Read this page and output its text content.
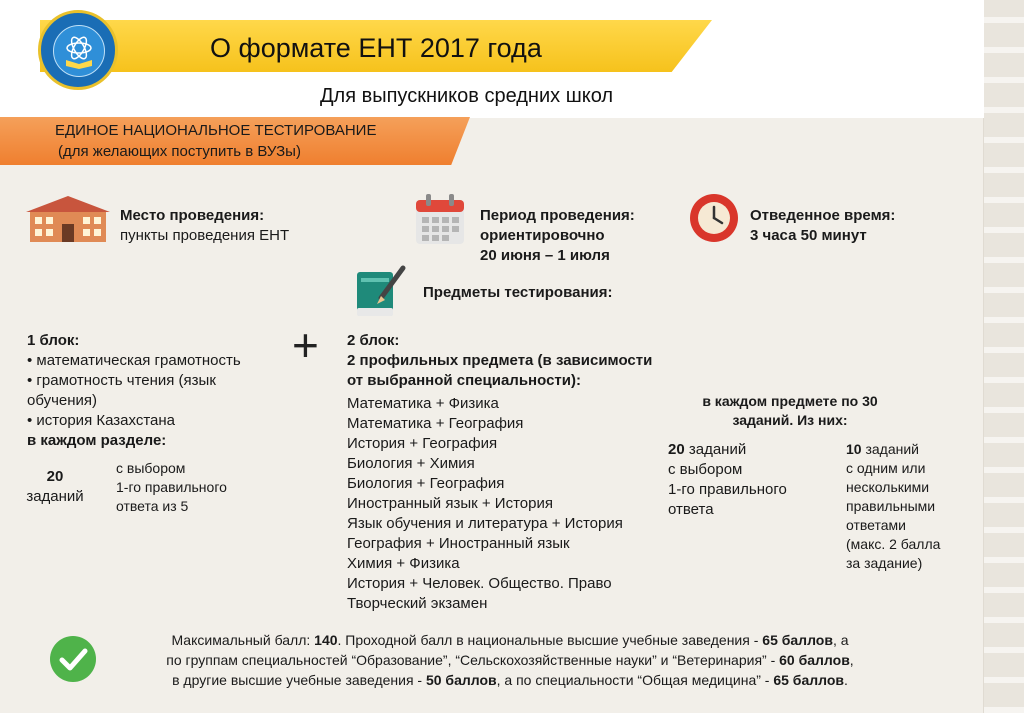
О формате ЕНТ 2017 года
Для выпускников средних школ
ЕДИНОЕ НАЦИОНАЛЬНОЕ ТЕСТИРОВАНИЕ
(для желающих поступить в ВУЗы)
Место проведения:
пункты проведения ЕНТ
Период проведения:
ориентировочно
20 июня – 1 июля
Отведенное время:
3 часа 50 минут
Предметы тестирования:
1 блок:
• математическая грамотность
• грамотность чтения (язык
обучения)
• история Казахстана
в каждом разделе:
20
заданий
с выбором
1-го правильного
ответа из 5
+ 2 блок:
2 профильных предмета (в зависимости
от выбранной специальности):
Математика + Физика
Математика + География
История + География
Биология + Химия
Биология + География
Иностранный язык + История
Язык обучения и литература + История
География + Иностранный язык
Химия + Физика
История + Человек. Общество. Право
Творческий экзамен
в каждом предмете по 30
заданий. Из них:
20 заданий
с выбором
1-го правильного
ответа
10 заданий
с одним или
несколькими
правильными
ответами
(макс. 2 балла
за задание)
Максимальный балл: 140. Проходной балл в национальные высшие учебные заведения - 65 баллов, а
по группам специальностей “Образование”, “Сельскохозяйственные науки” и “Ветеринария” - 60 баллов,
в другие высшие учебные заведения - 50 баллов, а по специальности “Общая медицина” - 65 баллов.
